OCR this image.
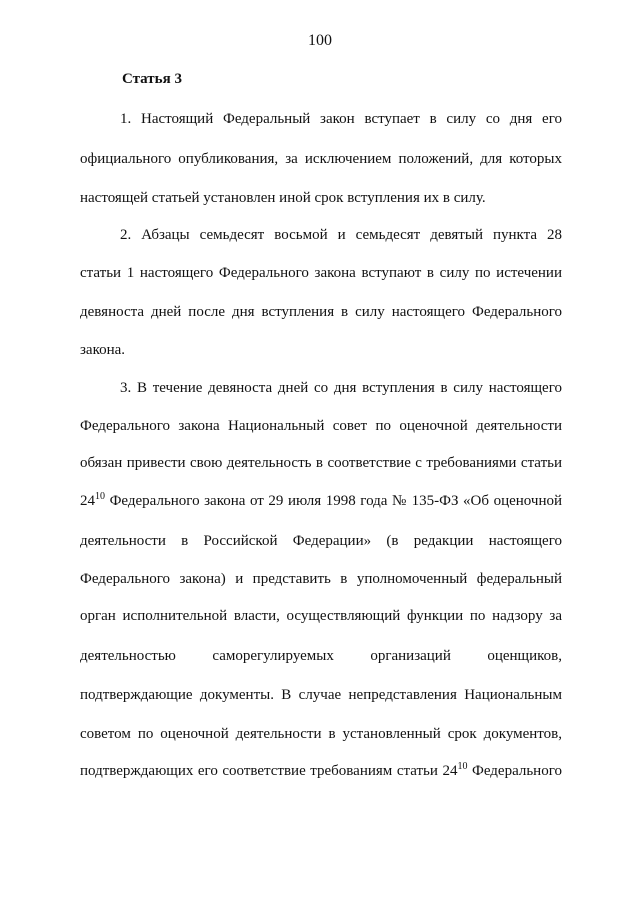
100
Статья 3
1. Настоящий Федеральный закон вступает в силу со дня его
официального опубликования, за исключением положений, для которых
настоящей статьей установлен иной срок вступления их в силу.
2. Абзацы семьдесят восьмой и семьдесят девятый пункта 28
статьи 1 настоящего Федерального закона вступают в силу по истечении
девяноста дней после дня вступления в силу настоящего Федерального
закона.
3. В течение девяноста дней со дня вступления в силу настоящего
Федерального закона Национальный совет по оценочной деятельности
обязан привести свою деятельность в соответствие с требованиями статьи
$24^{10}$ Федерального закона от 29 июля 1998 года № 135-ФЗ «Об оценочной
деятельности в Российской Федерации» (в редакции настоящего
Федерального закона) и представить в уполномоченный федеральный
орган исполнительной власти, осуществляющий функции по надзору за
деятельностью саморегулируемых организаций оценщиков,
подтверждающие документы. В случае непредставления Национальным
советом по оценочной деятельности в установленный срок документов,
подтверждающих его соответствие требованиям статьи $24^{10}$ Федерального
